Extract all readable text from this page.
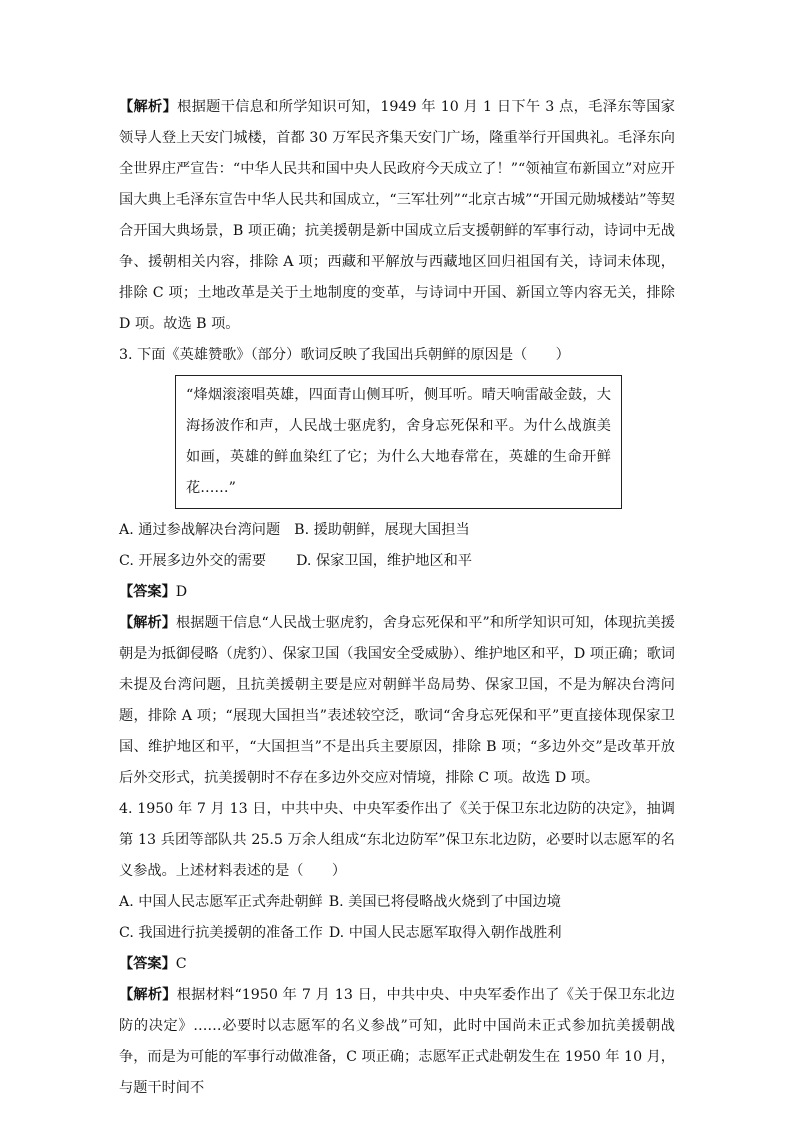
【解析】根据题干信息和所学知识可知，1949 年 10 月 1 日下午 3 点，毛泽东等国家领导人登上天安门城楼，首都 30 万军民齐集天安门广场，隆重举行开国典礼。毛泽东向全世界庄严宣告：“中华人民共和国中央人民政府今天成立了！”“领袖宣布新国立”对应开国大典上毛泽东宣告中华人民共和国成立，“三军壮列”“北京古城”“开国元勋城楼站”等契合开国大典场景，B 项正确；抗美援朝是新中国成立后支援朝鲜的军事行动，诗词中无战争、援朝相关内容，排除 A 项；西藏和平解放与西藏地区回归祖国有关，诗词未体现，排除 C 项；土地改革是关于土地制度的变革，与诗词中开国、新国立等内容无关，排除 D 项。故选 B 项。

3. 下面《英雄赞歌》（部分）歌词反映了我国出兵朝鲜的原因是（　　）

“烽烟滚滚唱英雄，四面青山侧耳听，侧耳听。晴天响雷敲金鼓，大海扬波作和声，人民战士驱虎豹，舍身忘死保和平。为什么战旗美如画，英雄的鲜血染红了它；为什么大地春常在，英雄的生命开鲜花……”

A. 通过参战解决台湾问题 B. 援助朝鲜，展现大国担当
C. 开展多边外交的需要 D. 保家卫国，维护地区和平

【答案】D

【解析】根据题干信息“人民战士驱虎豹，舍身忘死保和平”和所学知识可知，体现抗美援朝是为抵御侵略（虎豹）、保家卫国（我国安全受威胁）、维护地区和平，D 项正确；歌词未提及台湾问题，且抗美援朝主要是应对朝鲜半岛局势、保家卫国，不是为解决台湾问题，排除 A 项；“展现大国担当”表述较空泛，歌词“舍身忘死保和平”更直接体现保家卫国、维护地区和平，“大国担当”不是出兵主要原因，排除 B 项；“多边外交”是改革开放后外交形式，抗美援朝时不存在多边外交应对情境，排除 C 项。故选 D 项。

4. 1950 年 7 月 13 日，中共中央、中央军委作出了《关于保卫东北边防的决定》，抽调第 13 兵团等部队共 25.5 万余人组成“东北边防军”保卫东北边防，必要时以志愿军的名义参战。上述材料表述的是（　　）

A. 中国人民志愿军正式奔赴朝鲜 B. 美国已将侵略战火烧到了中国边境
C. 我国进行抗美援朝的准备工作 D. 中国人民志愿军取得入朝作战胜利

【答案】C

【解析】根据材料“1950 年 7 月 13 日，中共中央、中央军委作出了《关于保卫东北边防的决定》……必要时以志愿军的名义参战”可知，此时中国尚未正式参加抗美援朝战争，而是为可能的军事行动做准备，C 项正确；志愿军正式赴朝发生在 1950 年 10 月，与题干时间不
